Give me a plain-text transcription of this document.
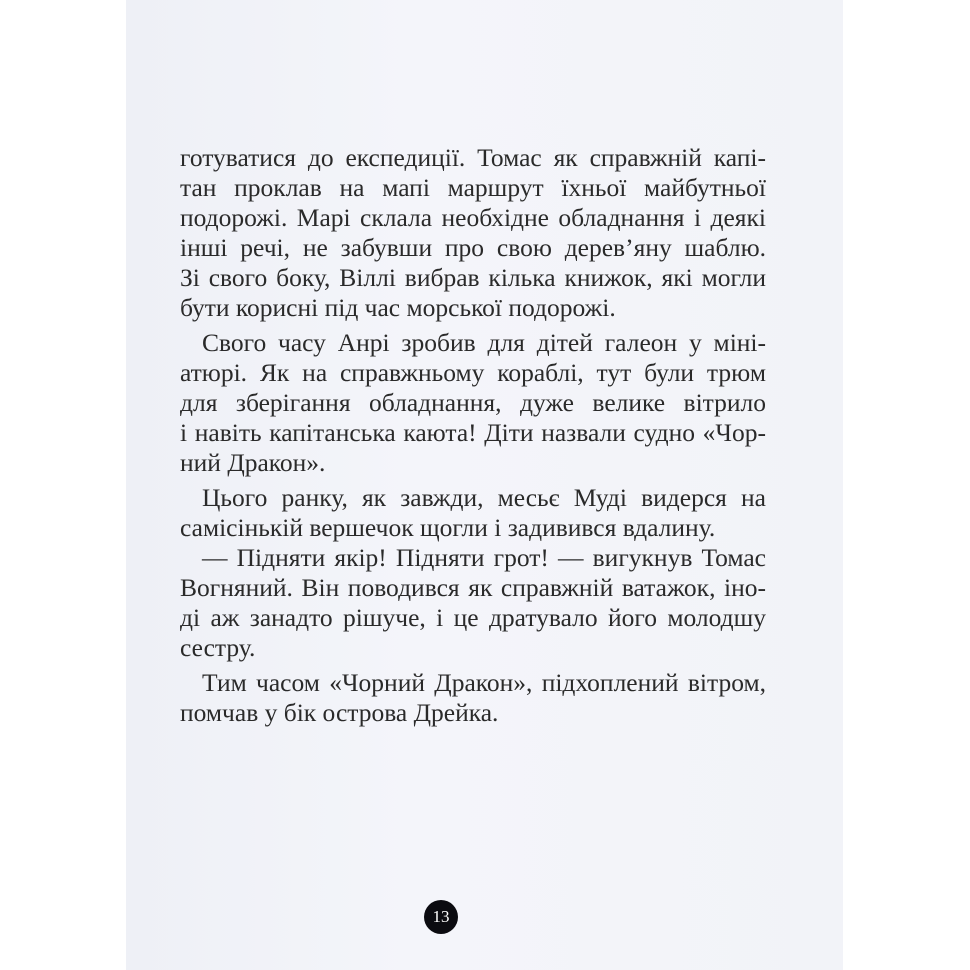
готуватися до експедиції. Томас як справжній капі-
тан проклав на мапі маршрут їхньої майбутньої
подорожі. Марі склала необхідне обладнання і деякі
інші речі, не забувши про свою дерев’яну шаблю.
Зі свого боку, Віллі вибрав кілька книжок, які могли
бути корисні під час морської подорожі.
Свого часу Анрі зробив для дітей галеон у міні-
атюрі. Як на справжньому кораблі, тут були трюм
для зберігання обладнання, дуже велике вітрило
і навіть капітанська каюта! Діти назвали судно «Чор-
ний Дракон».
Цього ранку, як завжди, месьє Муді видерся на
самісінькій вершечок щогли і задивився вдалину.
— Підняти якір! Підняти грот! — вигукнув Томас
Вогняний. Він поводився як справжній ватажок, іно-
ді аж занадто рішуче, і це дратувало його молодшу
сестру.
Тим часом «Чорний Дракон», підхоплений вітром,
помчав у бік острова Дрейка.
13
